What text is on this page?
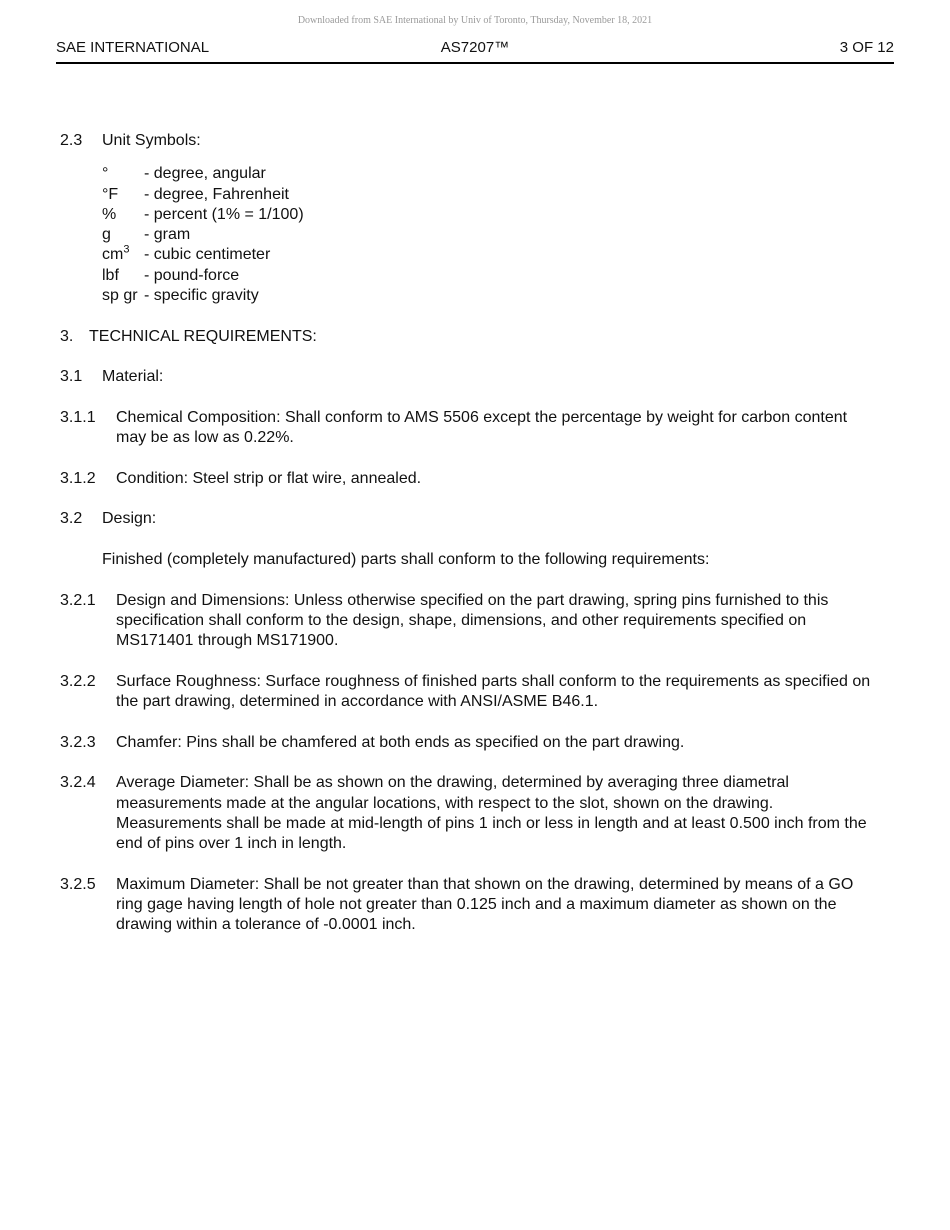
Downloaded from SAE International by Univ of Toronto, Thursday, November 18, 2021
SAE INTERNATIONAL	AS7207™	3 OF 12
2.3 Unit Symbols:
° - degree, angular
°F - degree, Fahrenheit
% - percent (1% = 1/100)
g - gram
$cm^3$ - cubic centimeter
lbf - pound-force
sp gr - specific gravity
3. TECHNICAL REQUIREMENTS:
3.1 Material:
3.1.1	Chemical Composition: Shall conform to AMS 5506 except the percentage by weight for carbon content may be as low as 0.22%.
3.1.2	Condition: Steel strip or flat wire, annealed.
3.2 Design:
Finished (completely manufactured) parts shall conform to the following requirements:
3.2.1	Design and Dimensions: Unless otherwise specified on the part drawing, spring pins furnished to this specification shall conform to the design, shape, dimensions, and other requirements specified on MS171401 through MS171900.
3.2.2	Surface Roughness: Surface roughness of finished parts shall conform to the requirements as specified on the part drawing, determined in accordance with ANSI/ASME B46.1.
3.2.3	Chamfer: Pins shall be chamfered at both ends as specified on the part drawing.
3.2.4	Average Diameter: Shall be as shown on the drawing, determined by averaging three diametral measurements made at the angular locations, with respect to the slot, shown on the drawing. Measurements shall be made at mid-length of pins 1 inch or less in length and at least 0.500 inch from the end of pins over 1 inch in length.
3.2.5	Maximum Diameter: Shall be not greater than that shown on the drawing, determined by means of a GO ring gage having length of hole not greater than 0.125 inch and a maximum diameter as shown on the drawing within a tolerance of -0.0001 inch.
